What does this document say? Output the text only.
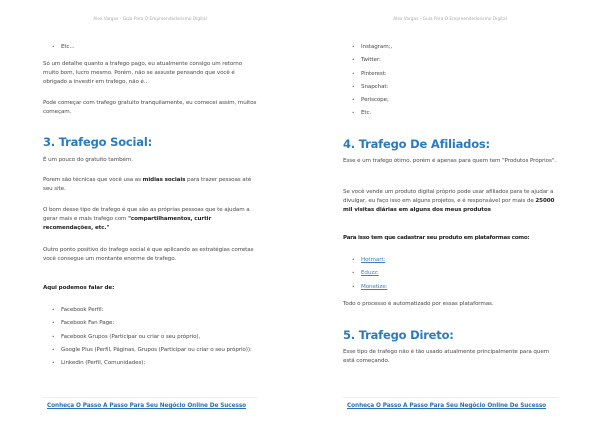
Alex Vargas - Guia Para O Empreendedorismo Digital
• Etc...

Só um detalhe quanto a trafego pago, eu atualmente consigo um retorno muito bom, lucro mesmo. Porém, não se assuste pensando que você é obrigado a investir em trafego, não é..

Pode começar com trafego gratuito tranquilamente, eu comecei assim, muitos começam.

3. Trafego Social:

É um pouco do gratuito também.

Porem são técnicas que você usa as midias sociais para trazer pessoas até seu site.

O bom desse tipo de trafego é que são as próprias pessoas que te ajudam a gerar mais e mais trafego com "compartilhamentos, curtir recomendações, etc."

Outro ponto positivo do trafego social é que aplicando as estratégias corretas você consegue um montante enorme de trafego.

Aqui podemos falar de:

• Facebook Perfil:
• Facebook Fan Page:
• Facebook Grupos (Participar ou criar o seu próprio),
• Google Plus (Perfil, Páginas, Grupos (Participar ou criar o seu próprio)):
• Linkedin (Perfil, Comunidades);
Conheça O Passo A Passo Para Seu Negócio Online De Sucesso
Alex Vargas - Guia Para O Empreendedorismo Digital
• Instagram;,
• Twitter:
• Pinterest:
• Snapchat:
• Periscope;
• Etc.
4. Trafego De Afiliados:

Esse é um trafego ótimo, porém é apenas para quem tem "Produtos Próprios".

Se você vende um produto digital próprio pode usar afiliados para te ajudar a divulgar, eu faço isso em alguns projetos, e é responsável por mais de 25000 mil visitas diárias em alguns dos meus produtos

Para isso tem que cadastrar seu produto em plataformas como:

• Hotmart:
• Eduzz:
• Monetize:

Todo o processo é automatizado por essas plataformas.

5. Trafego Direto:

Esse tipo de trafego não é tão usado atualmente principalmente para quem está começando.

Conheça O Passo A Passo Para Seu Negócio Online De Sucesso
